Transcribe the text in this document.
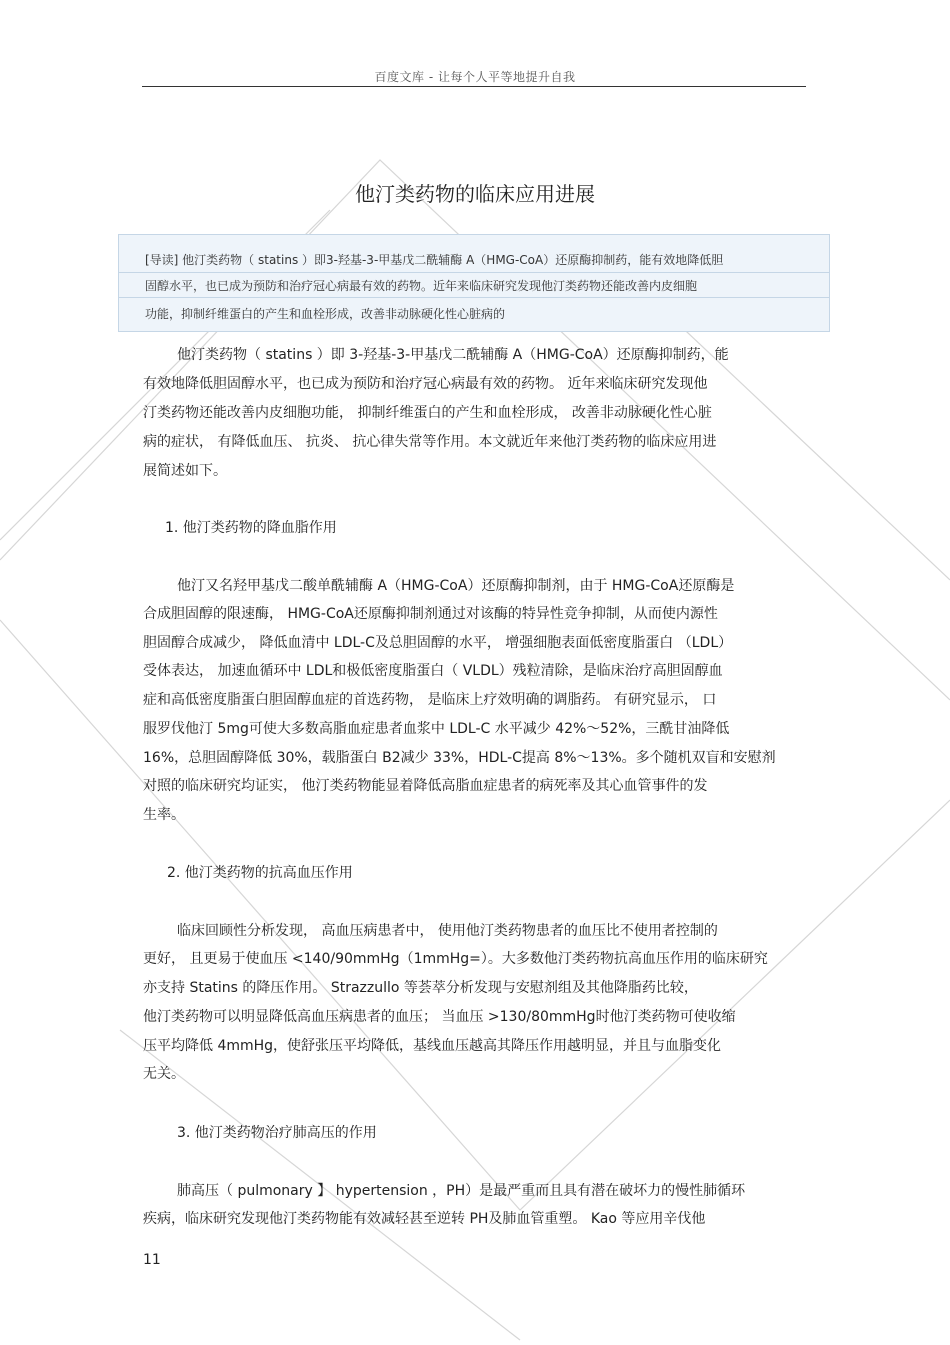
百度文库 - 让每个人平等地提升自我
他汀类药物的临床应用进展
[导读] 他汀类药物（ statins ）即3-羟基-3-甲基戊二酰辅酶 A（HMG-CoA）还原酶抑制药，能有效地降低胆
固醇水平，也已成为预防和治疗冠心病最有效的药物。近年来临床研究发现他汀类药物还能改善内皮细胞
功能，抑制纤维蛋白的产生和血栓形成，改善非动脉硬化性心脏病的
他汀类药物（ statins ）即 3-羟基-3-甲基戊二酰辅酶 A（HMG-CoA）还原酶抑制药，能
有效地降低胆固醇水平，也已成为预防和治疗冠心病最有效的药物。 近年来临床研究发现他
汀类药物还能改善内皮细胞功能， 抑制纤维蛋白的产生和血栓形成， 改善非动脉硬化性心脏
病的症状， 有降低血压、 抗炎、 抗心律失常等作用。本文就近年来他汀类药物的临床应用进
展简述如下。
1. 他汀类药物的降血脂作用
他汀又名羟甲基戊二酸单酰辅酶 A（HMG-CoA）还原酶抑制剂，由于 HMG-CoA还原酶是
合成胆固醇的限速酶， HMG-CoA还原酶抑制剂通过对该酶的特异性竞争抑制，从而使内源性
胆固醇合成减少， 降低血清中 LDL-C及总胆固醇的水平， 增强细胞表面低密度脂蛋白 （LDL）
受体表达， 加速血循环中 LDL和极低密度脂蛋白（ VLDL）残粒清除，是临床治疗高胆固醇血
症和高低密度脂蛋白胆固醇血症的首选药物， 是临床上疗效明确的调脂药。 有研究显示， 口
服罗伐他汀 5mg可使大多数高脂血症患者血浆中 LDL-C 水平减少 42%～52%，三酰甘油降低
16%，总胆固醇降低 30%，载脂蛋白 B2减少 33%，HDL-C提高 8%～13%。多个随机双盲和安慰剂
对照的临床研究均证实， 他汀类药物能显着降低高脂血症患者的病死率及其心血管事件的发
生率。
2. 他汀类药物的抗高血压作用
临床回顾性分析发现， 高血压病患者中， 使用他汀类药物患者的血压比不使用者控制的
更好， 且更易于使血压 <140/90mmHg（1mmHg=）。大多数他汀类药物抗高血压作用的临床研究
亦支持 Statins 的降压作用。 Strazzullo 等荟萃分析发现与安慰剂组及其他降脂药比较，
他汀类药物可以明显降低高血压病患者的血压； 当血压 >130/80mmHg时他汀类药物可使收缩
压平均降低 4mmHg，使舒张压平均降低，基线血压越高其降压作用越明显，并且与血脂变化
无关。
3. 他汀类药物治疗肺高压的作用
肺高压（ pulmonary 】 hypertension ，PH）是最严重而且具有潜在破坏力的慢性肺循环
疾病，临床研究发现他汀类药物能有效减轻甚至逆转 PH及肺血管重塑。 Kao 等应用辛伐他
11
